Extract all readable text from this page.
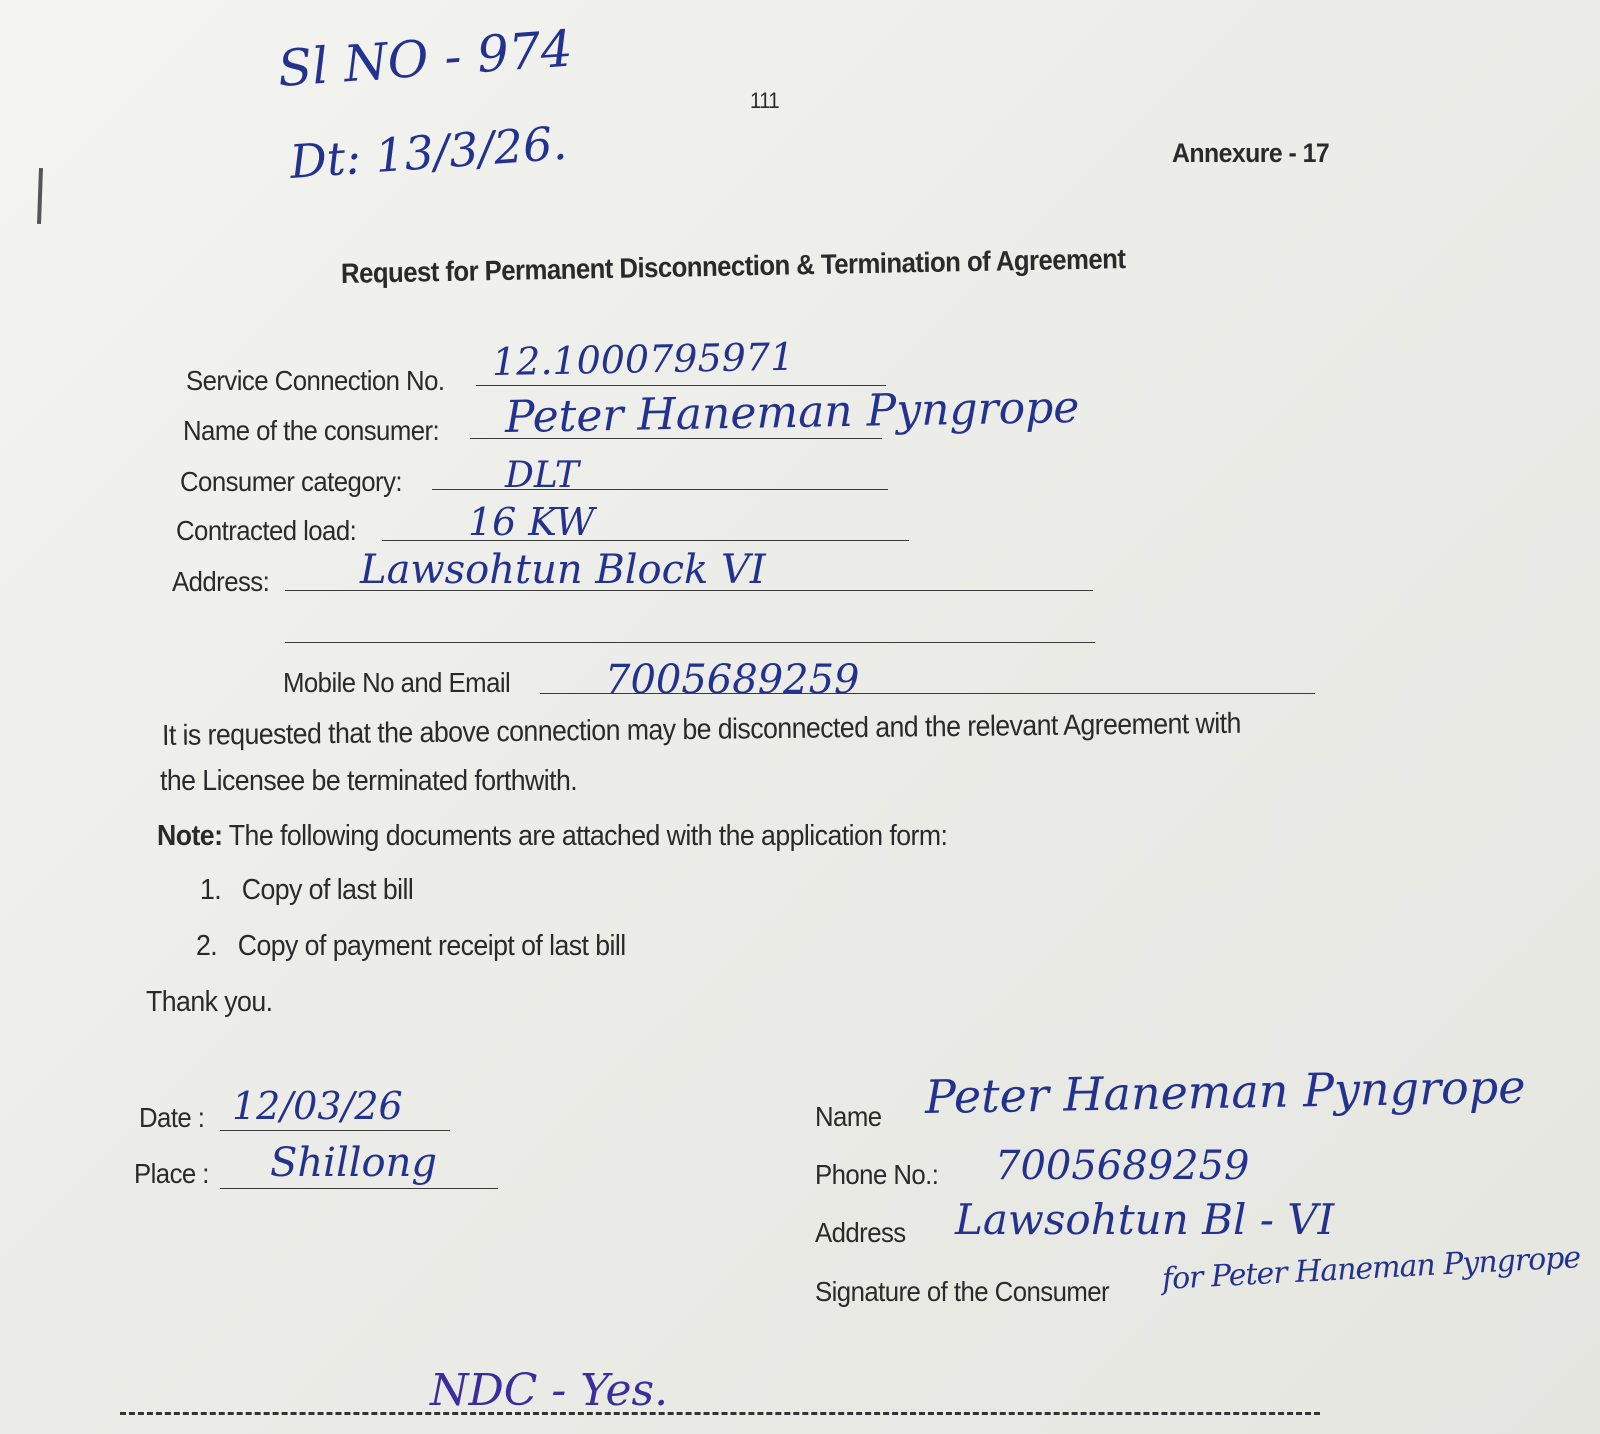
Sl NO - 974
Dt: 13/3/26.
111
Annexure - 17
Request for Permanent Disconnection & Termination of Agreement
Service Connection No. 12.1000795971
Name of the consumer: Peter Haneman Pyngrope
Consumer category:	DLT
Contracted load:	16 KW
Address: Lawsohtun Block VI
Mobile No and Email 7005689259
It is requested that the above connection may be disconnected and the relevant Agreement with
the Licensee be terminated forthwith.
Note: The following documents are attached with the application form:
1. Copy of last bill
2. Copy of payment receipt of last bill
Thank you.
Date : 12/03/26
Place : Shillong
Name Peter Haneman Pyngrope
Phone No.: 7005689259
Address Lawsohtun Bl - VI
Signature of the Consumer for Peter Haneman Pyngrope
NDC - Yes.
